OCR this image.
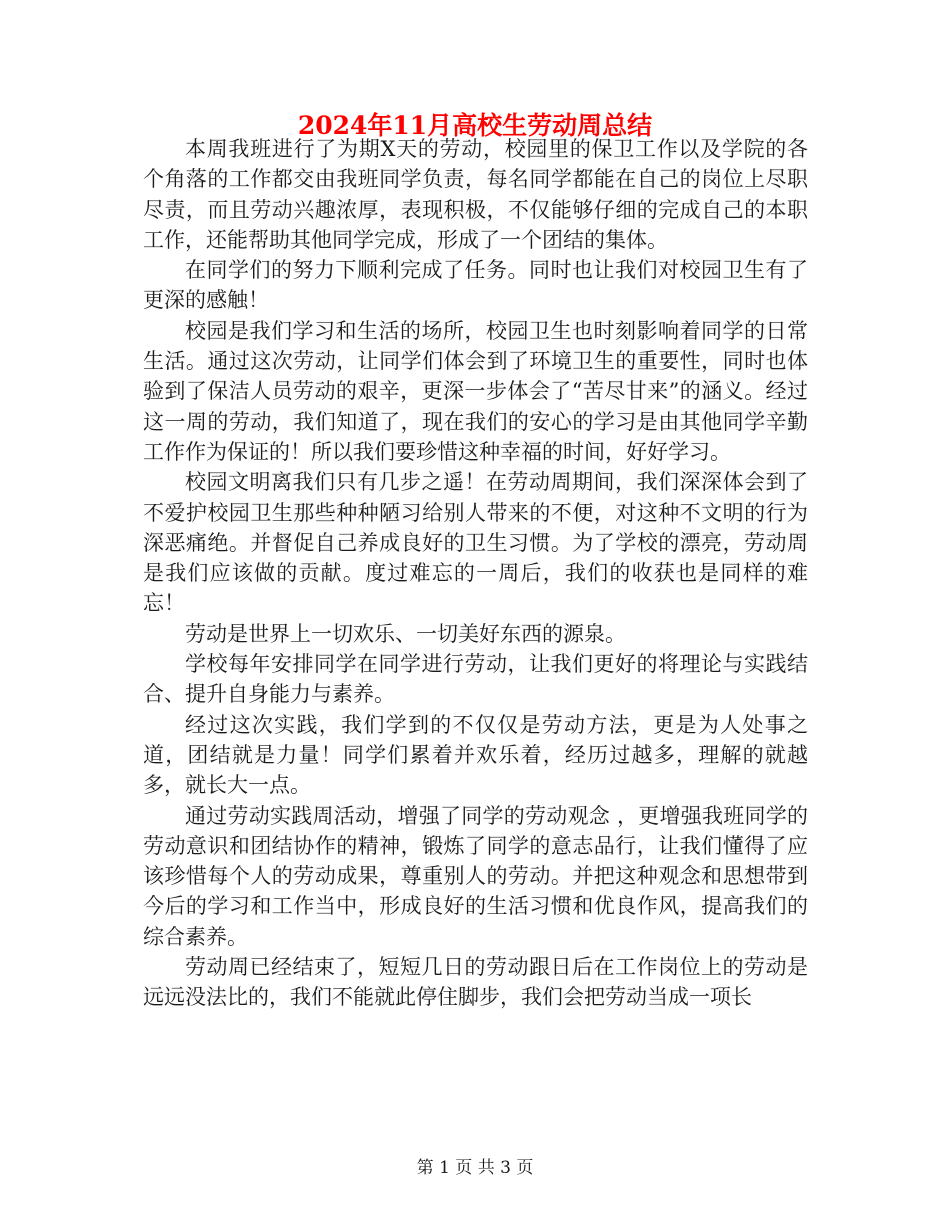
2024年11月高校生劳动周总结

本周我班进行了为期X天的劳动，校园里的保卫工作以及学院的各个角落的工作都交由我班同学负责，每名同学都能在自己的岗位上尽职尽责，而且劳动兴趣浓厚，表现积极，不仅能够仔细的完成自己的本职工作，还能帮助其他同学完成，形成了一个团结的集体。

在同学们的努力下顺利完成了任务。同时也让我们对校园卫生有了更深的感触！

校园是我们学习和生活的场所，校园卫生也时刻影响着同学的日常生活。通过这次劳动，让同学们体会到了环境卫生的重要性，同时也体验到了保洁人员劳动的艰辛，更深一步体会了“苦尽甘来”的涵义。经过这一周的劳动，我们知道了，现在我们的安心的学习是由其他同学辛勤工作作为保证的！所以我们要珍惜这种幸福的时间，好好学习。

校园文明离我们只有几步之遥！在劳动周期间，我们深深体会到了不爱护校园卫生那些种种陋习给别人带来的不便，对这种不文明的行为深恶痛绝。并督促自己养成良好的卫生习惯。为了学校的漂亮，劳动周是我们应该做的贡献。度过难忘的一周后，我们的收获也是同样的难忘！

劳动是世界上一切欢乐、一切美好东西的源泉。

学校每年安排同学在同学进行劳动，让我们更好的将理论与实践结合、提升自身能力与素养。

经过这次实践，我们学到的不仅仅是劳动方法，更是为人处事之道，团结就是力量！同学们累着并欢乐着，经历过越多，理解的就越多，就长大一点。

通过劳动实践周活动，增强了同学的劳动观念 ，更增强我班同学的劳动意识和团结协作的精神，锻炼了同学的意志品行，让我们懂得了应该珍惜每个人的劳动成果，尊重别人的劳动。并把这种观念和思想带到今后的学习和工作当中，形成良好的生活习惯和优良作风，提高我们的综合素养。

劳动周已经结束了，短短几日的劳动跟日后在工作岗位上的劳动是远远没法比的，我们不能就此停住脚步，我们会把劳动当成一项长

第 1 页 共 3 页
